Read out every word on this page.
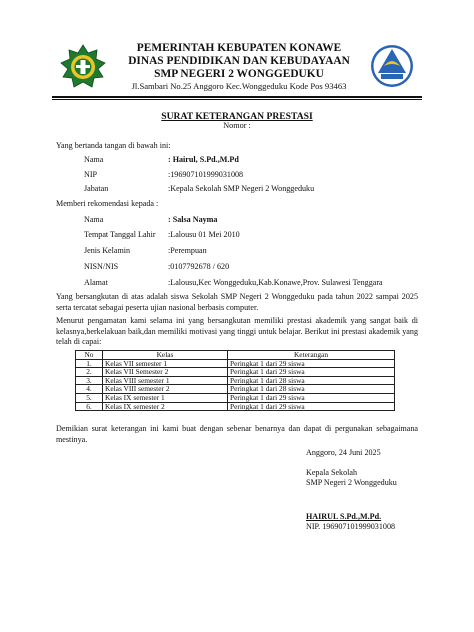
PEMERINTAH KEBUPATEN KONAWE
DINAS PENDIDIKAN DAN KEBUDAYAAN
SMP NEGERI 2 WONGGEDUKU
Jl.Sambari No.25 Anggoro Kec.Wonggeduku Kode Pos 93463
SURAT KETERANGAN PRESTASI
Nomor :
Yang bertanda tangan di bawah ini:
Nama	: Hairul, S.Pd.,M.Pd
NIP	:196907101999031008
Jabatan	:Kepala Sekolah SMP Negeri 2 Wonggeduku
Memberi rekomendasi kepada :
Nama	: Salsa Nayma
Tempat Tanggal Lahir :Lalousu 01 Mei 2010
Jenis Kelamin	:Perempuan
NISN/NIS	:0107792678 / 620
Alamat	:Lalousu,Kec Wonggeduku,Kab.Konawe,Prov. Sulawesi Tenggara
Yang bersangkutan di atas adalah siswa Sekolah SMP Negeri 2 Wonggeduku pada tahun 2022 sampai 2025 serta tercatat sebagai peserta ujian nasional berbasis computer.
Menurut pengamatan kami selama ini yang bersangkutan memiliki prestasi akademik yang sangat baik di kelasnya,berkelakuan baik,dan memiliki motivasi yang tinggi untuk belajar. Berikut ini prestasi akademik yang telah di capai:
No	Kelas	Keterangan
1.	Kelas VII semester 1	Peringkat 1 dari 29 siswa
2.	Kelas VII Semester 2	Peringkat 1 dari 29 siswa
3.	Kelas VIII semester 1	Peringkat 1 dari 28 siswa
4.	Kelas VIII semester 2	Peringkat 1 dari 28 siswa
5.	Kelas IX semester 1	Peringkat 1 dari 29 siswa
6.	Kelas IX semester 2	Peringkat 1 dari 29 siswa
Demikian surat keterangan ini kami buat dengan sebenar benarnya dan dapat di pergunakan sebagaimana mestinya.
Anggoro, 24 Juni 2025
Kepala Sekolah
SMP Negeri 2 Wonggeduku
HAIRUL S.Pd.,M.Pd.
NIP. 196907101999031008
